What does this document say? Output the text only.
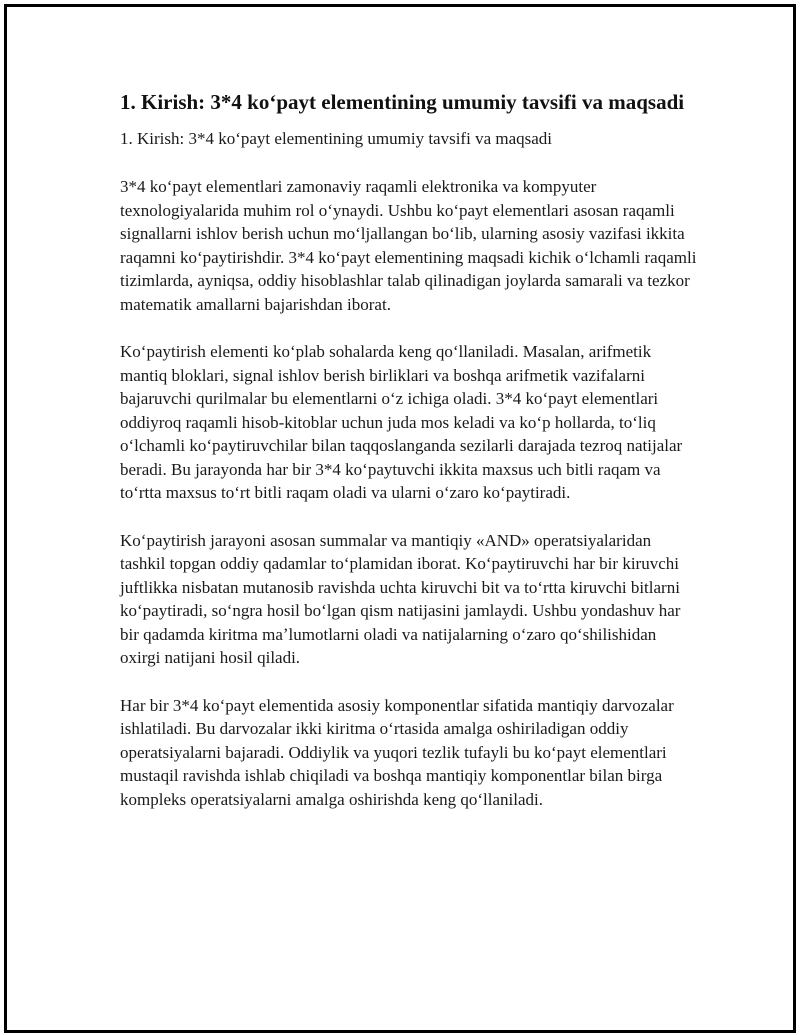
1. Kirish: 3*4 koʻpayt elementining umumiy tavsifi va maqsadi

1. Kirish: 3*4 koʻpayt elementining umumiy tavsifi va maqsadi

3*4 koʻpayt elementlari zamonaviy raqamli elektronika va kompyuter texnologiyalarida muhim rol oʻynaydi. Ushbu koʻpayt elementlari asosan raqamli signallarni ishlov berish uchun moʻljallangan boʻlib, ularning asosiy vazifasi ikkita raqamni koʻpaytirishdir. 3*4 koʻpayt elementining maqsadi kichik oʻlchamli raqamli tizimlarda, ayniqsa, oddiy hisoblashlar talab qilinadigan joylarda samarali va tezkor matematik amallarni bajarishdan iborat.

Koʻpaytirish elementi koʻplab sohalarda keng qoʻllaniladi. Masalan, arifmetik mantiq bloklari, signal ishlov berish birliklari va boshqa arifmetik vazifalarni bajaruvchi qurilmalar bu elementlarni oʻz ichiga oladi. 3*4 koʻpayt elementlari oddiyroq raqamli hisob-kitoblar uchun juda mos keladi va koʻp hollarda, toʻliq oʻlchamli koʻpaytiruvchilar bilan taqqoslanganda sezilarli darajada tezroq natijalar beradi. Bu jarayonda har bir 3*4 koʻpaytuvchi ikkita maxsus uch bitli raqam va toʻrtta maxsus toʻrt bitli raqam oladi va ularni oʻzaro koʻpaytiradi.

Koʻpaytirish jarayoni asosan summalar va mantiqiy «AND» operatsiyalaridan tashkil topgan oddiy qadamlar toʻplamidan iborat. Koʻpaytiruvchi har bir kiruvchi juftlikka nisbatan mutanosib ravishda uchta kiruvchi bit va toʻrtta kiruvchi bitlarni koʻpaytiradi, soʻngra hosil boʻlgan qism natijasini jamlaydi. Ushbu yondashuv har bir qadamda kiritma maʼlumotlarni oladi va natijalarning oʻzaro qoʻshilishidan oxirgi natijani hosil qiladi.

Har bir 3*4 koʻpayt elementida asosiy komponentlar sifatida mantiqiy darvozalar ishlatiladi. Bu darvozalar ikki kiritma oʻrtasida amalga oshiriladigan oddiy operatsiyalarni bajaradi. Oddiylik va yuqori tezlik tufayli bu koʻpayt elementlari mustaqil ravishda ishlab chiqiladi va boshqa mantiqiy komponentlar bilan birga kompleks operatsiyalarni amalga oshirishda keng qoʻllaniladi.
